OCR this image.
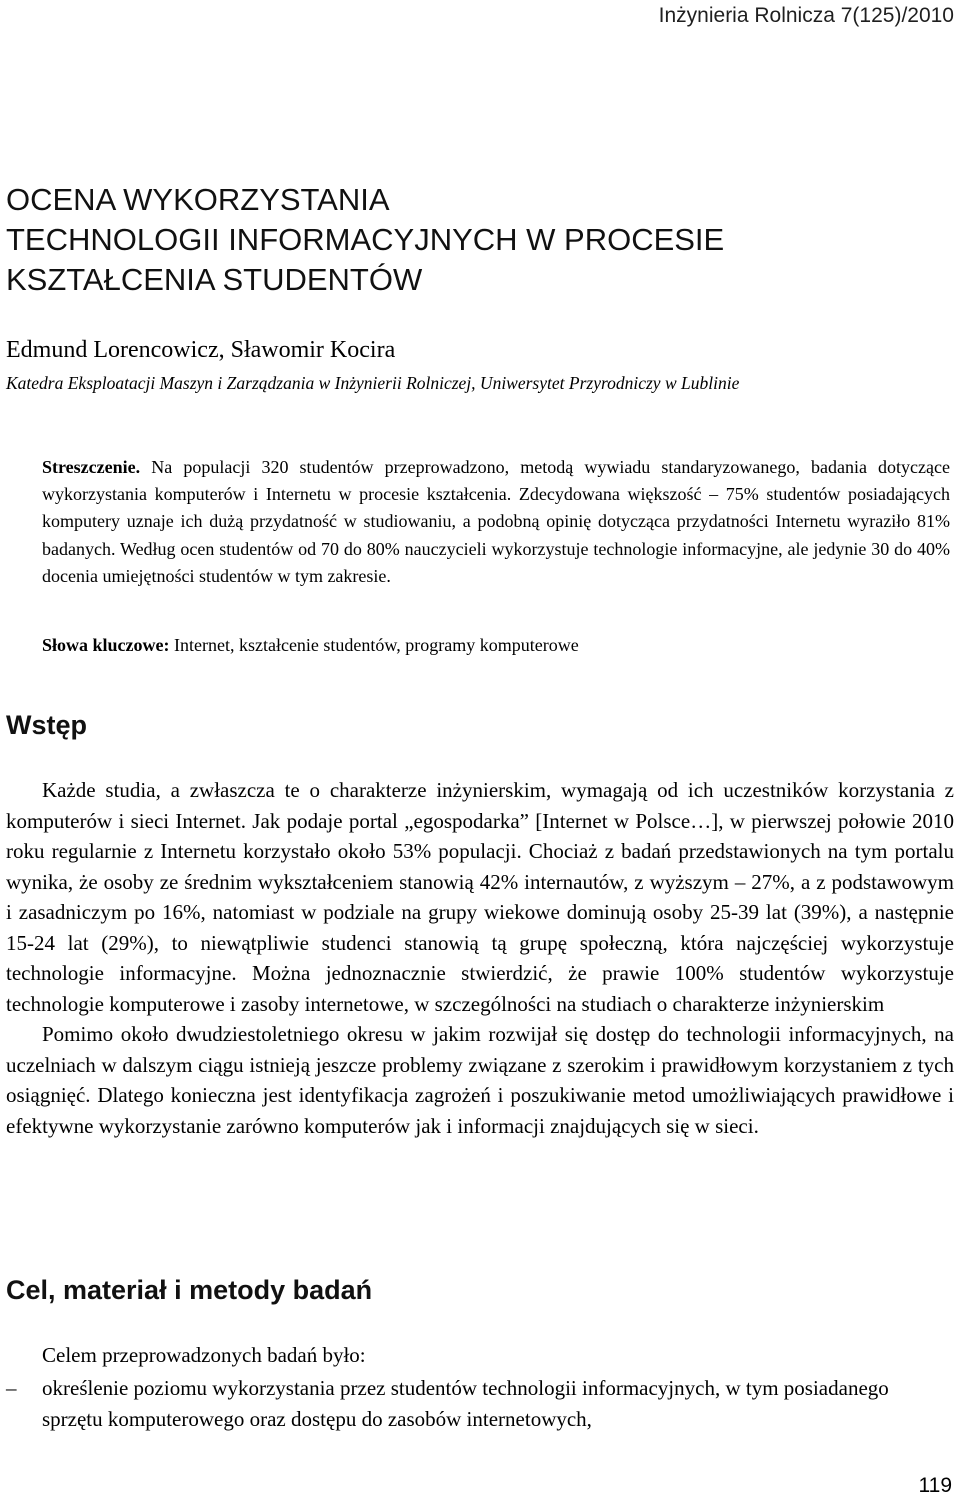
Inżynieria Rolnicza 7(125)/2010
OCENA WYKORZYSTANIA
TECHNOLOGII INFORMACYJNYCH W PROCESIE
KSZTAŁCENIA STUDENTÓW
Edmund Lorencowicz, Sławomir Kocira
Katedra Eksploatacji Maszyn i Zarządzania w Inżynierii Rolniczej, Uniwersytet Przyrodniczy w Lublinie
Streszczenie. Na populacji 320 studentów przeprowadzono, metodą wywiadu standaryzowanego, badania dotyczące wykorzystania komputerów i Internetu w procesie kształcenia. Zdecydowana większość – 75% studentów posiadających komputery uznaje ich dużą przydatność w studiowaniu, a podobną opinię dotycząca przydatności Internetu wyraziło 81% badanych. Według ocen studentów od 70 do 80% nauczycieli wykorzystuje technologie informacyjne, ale jedynie 30 do 40% docenia umiejętności studentów w tym zakresie.
Słowa kluczowe: Internet, kształcenie studentów, programy komputerowe
Wstęp

Każde studia, a zwłaszcza te o charakterze inżynierskim, wymagają od ich uczestników korzystania z komputerów i sieci Internet. Jak podaje portal „egospodarka” [Internet w Polsce…], w pierwszej połowie 2010 roku regularnie z Internetu korzystało około 53% populacji. Chociaż z badań przedstawionych na tym portalu wynika, że osoby ze średnim wykształceniem stanowią 42% internautów, z wyższym – 27%, a z podstawowym i zasadniczym po 16%, natomiast w podziale na grupy wiekowe dominują osoby 25-39 lat (39%), a następnie 15-24 lat (29%), to niewątpliwie studenci stanowią tą grupę społeczną, która najczęściej wykorzystuje technologie informacyjne. Można jednoznacznie stwierdzić, że prawie 100% studentów wykorzystuje technologie komputerowe i zasoby internetowe, w szczególności na studiach o charakterze inżynierskim

Pomimo około dwudziestoletniego okresu w jakim rozwijał się dostęp do technologii informacyjnych, na uczelniach w dalszym ciągu istnieją jeszcze problemy związane z szerokim i prawidłowym korzystaniem z tych osiągnięć. Dlatego konieczna jest identyfikacja zagrożeń i poszukiwanie metod umożliwiających prawidłowe i efektywne wykorzystanie zarówno komputerów jak i informacji znajdujących się w sieci.

Cel, materiał i metody badań
Celem przeprowadzonych badań było:
– określenie poziomu wykorzystania przez studentów technologii informacyjnych, w tym posiadanego sprzętu komputerowego oraz dostępu do zasobów internetowych,
119
